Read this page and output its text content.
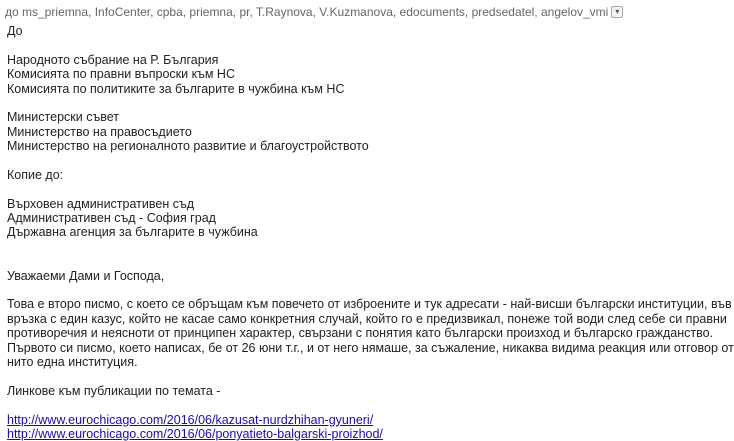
до ms_priemna, InfoCenter, cpba, priemna, pr, T.Raynova, V.Kuzmanova, edocuments, predsedatel, angelov_vmi ▾
До
Народното събрание на Р. България
Комисията по правни въпроски към НС
Комисията по политиките за българите в чужбина към НС
Министерски съвет
Министерство на правосъдието
Министерство на регионалното развитие и благоустройството
Копие до:
Върховен административен съд
Административен съд - София град
Държавна агенция за българите в чужбина
Уважаеми Дами и Господа,
Това е второ писмо, с което се обръщам към повечето от изброените и тук адресати - най-висши български институции, във
връзка с един казус, който не касае само конкретния случай, който го е предизвикал, понеже той води след себе си правни
противоречия и неясноти от принципен характер, свързани с понятия като български произход и българско гражданство.
Първото си писмо, което написах, бе от 26 юни т.г., и от него нямаше, за съжаление, никаква видима реакция или отговор от
нито една институция.
Линкове към публикации по темата -
http://www.eurochicago.com/2016/06/kazusat-nurdzhihan-gyuneri/
http://www.eurochicago.com/2016/06/ponyatieto-balgarski-proizhod/
